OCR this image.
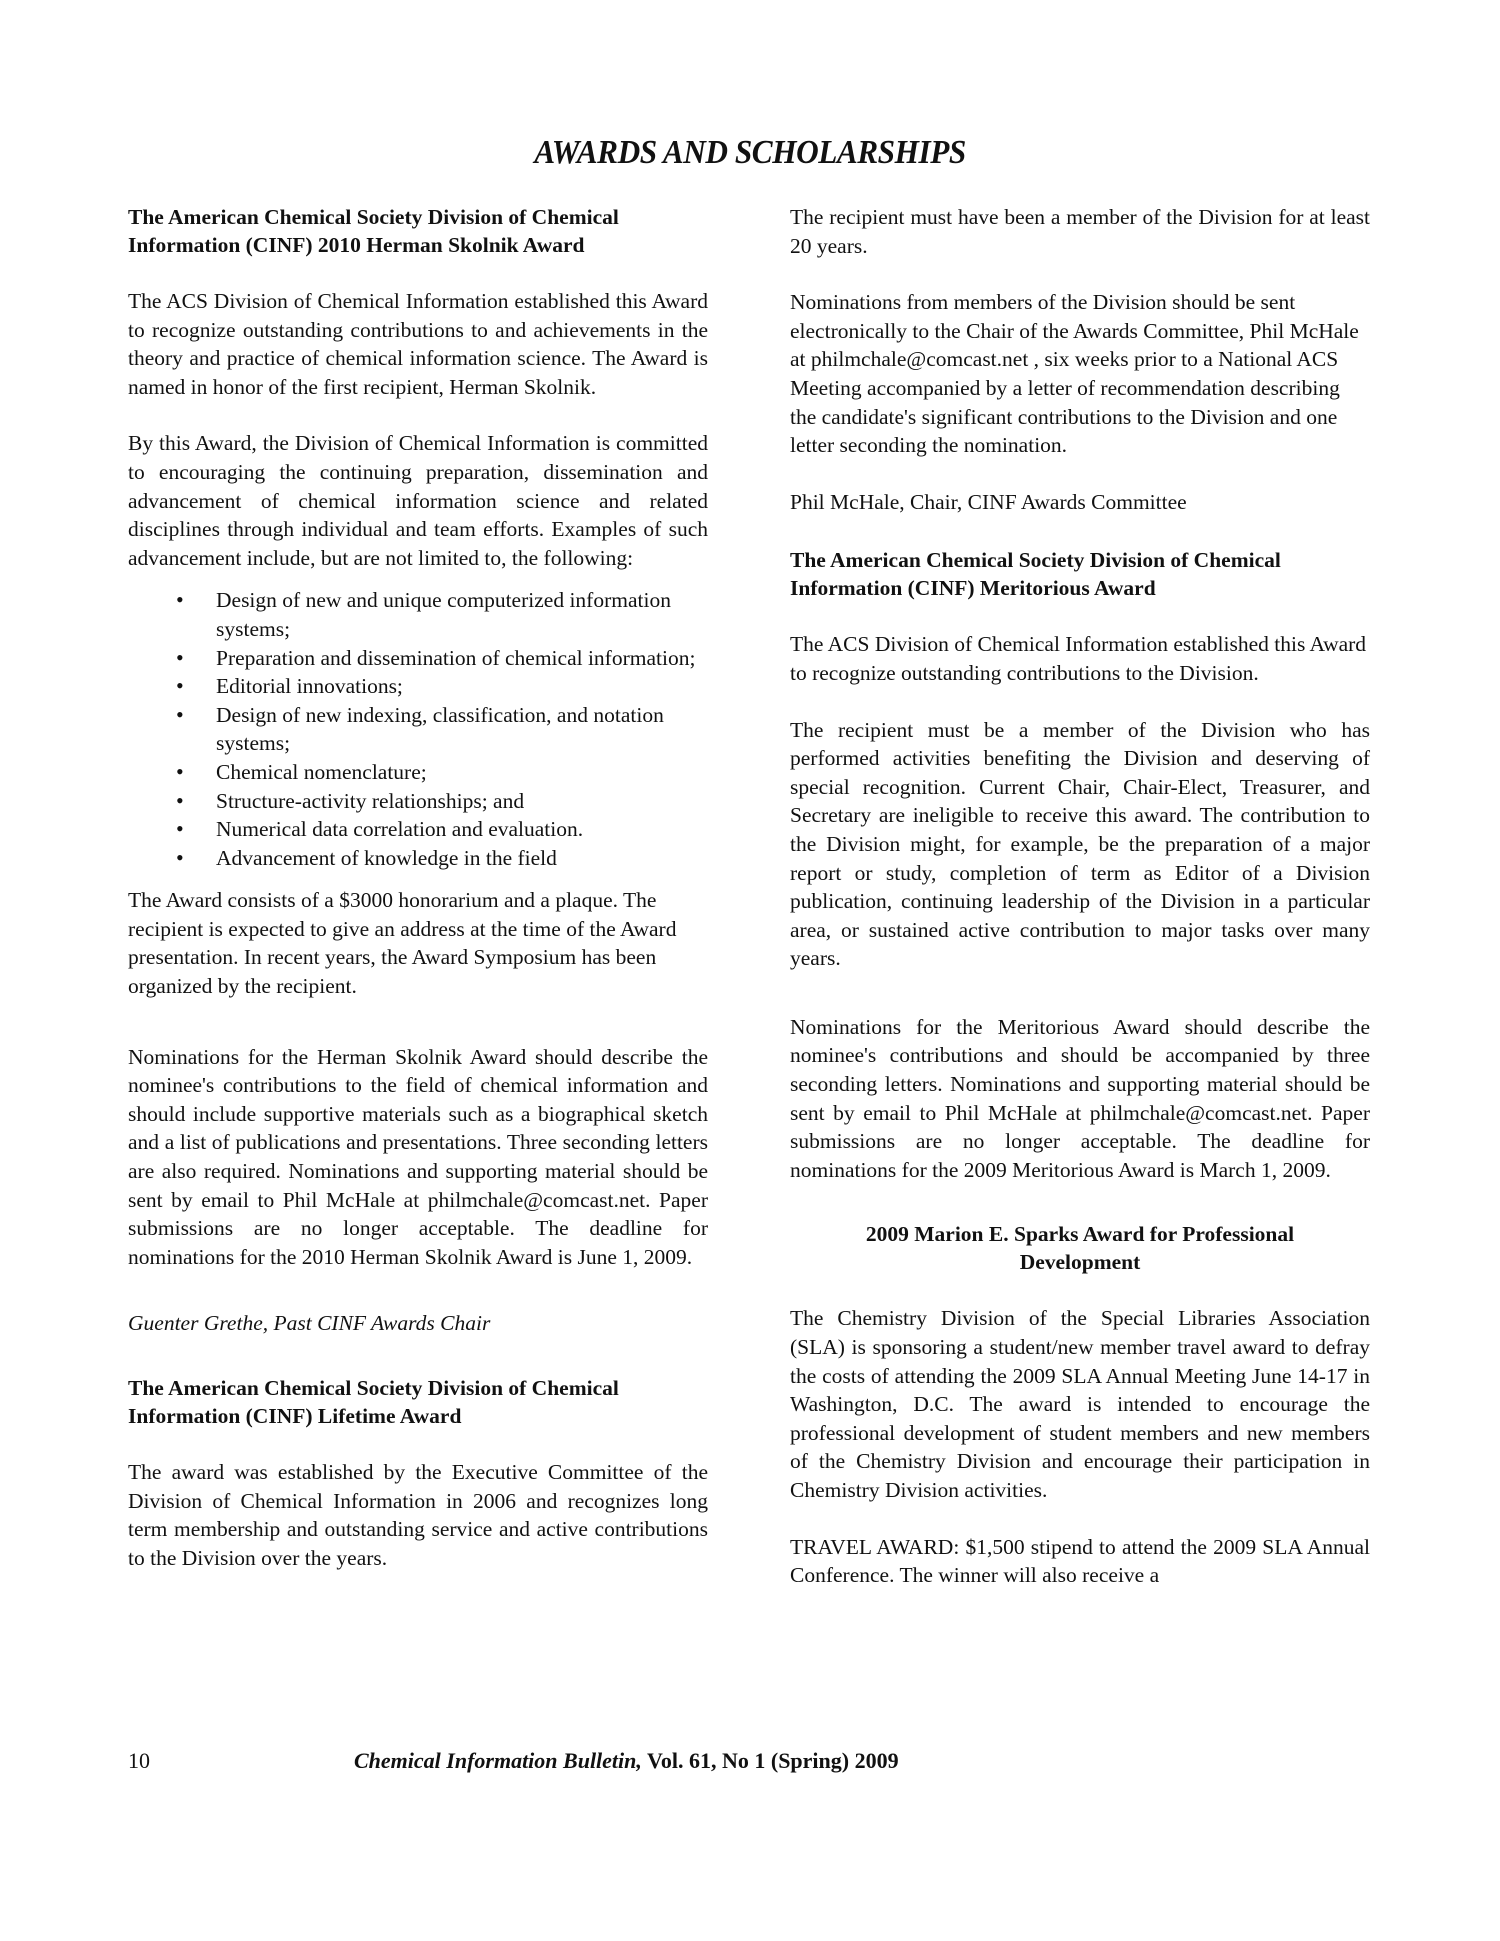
AWARDS AND SCHOLARSHIPS
The American Chemical Society Division of Chemical Information (CINF) 2010 Herman Skolnik Award

The ACS Division of Chemical Information established this Award to recognize outstanding contributions to and achievements in the theory and practice of chemical information science. The Award is named in honor of the first recipient, Herman Skolnik.

By this Award, the Division of Chemical Information is committed to encouraging the continuing preparation, dissemination and advancement of chemical information science and related disciplines through individual and team efforts. Examples of such advancement include, but are not limited to, the following:

• Design of new and unique computerized information systems;
• Preparation and dissemination of chemical information;
• Editorial innovations;
• Design of new indexing, classification, and notation systems;
• Chemical nomenclature;
• Structure-activity relationships; and
• Numerical data correlation and evaluation.
• Advancement of knowledge in the field

The Award consists of a $3000 honorarium and a plaque. The recipient is expected to give an address at the time of the Award presentation. In recent years, the Award Symposium has been organized by the recipient.

Nominations for the Herman Skolnik Award should describe the nominee's contributions to the field of chemical information and should include supportive materials such as a biographical sketch and a list of publications and presentations. Three seconding letters are also required. Nominations and supporting material should be sent by email to Phil McHale at philmchale@comcast.net. Paper submissions are no longer acceptable. The deadline for nominations for the 2010 Herman Skolnik Award is June 1, 2009.

Guenter Grethe, Past CINF Awards Chair

The American Chemical Society Division of Chemical Information (CINF) Lifetime Award

The award was established by the Executive Committee of the Division of Chemical Information in 2006 and recognizes long term membership and outstanding service and active contributions to the Division over the years.

The recipient must have been a member of the Division for at least 20 years.

Nominations from members of the Division should be sent electronically to the Chair of the Awards Committee, Phil McHale at philmchale@comcast.net , six weeks prior to a National ACS Meeting accompanied by a letter of recommendation describing the candidate's significant contributions to the Division and one letter seconding the nomination.

Phil McHale, Chair, CINF Awards Committee

The American Chemical Society Division of Chemical Information (CINF) Meritorious Award

The ACS Division of Chemical Information established this Award to recognize outstanding contributions to the Division.

The recipient must be a member of the Division who has performed activities benefiting the Division and deserving of special recognition. Current Chair, Chair-Elect, Treasurer, and Secretary are ineligible to receive this award. The contribution to the Division might, for example, be the preparation of a major report or study, completion of term as Editor of a Division publication, continuing leadership of the Division in a particular area, or sustained active contribution to major tasks over many years.

Nominations for the Meritorious Award should describe the nominee's contributions and should be accompanied by three seconding letters. Nominations and supporting material should be sent by email to Phil McHale at philmchale@comcast.net. Paper submissions are no longer acceptable. The deadline for nominations for the 2009 Meritorious Award is March 1, 2009.

2009 Marion E. Sparks Award for Professional Development

The Chemistry Division of the Special Libraries Association (SLA) is sponsoring a student/new member travel award to defray the costs of attending the 2009 SLA Annual Meeting June 14-17 in Washington, D.C. The award is intended to encourage the professional development of student members and new members of the Chemistry Division and encourage their participation in Chemistry Division activities.

TRAVEL AWARD: $1,500 stipend to attend the 2009 SLA Annual Conference. The winner will also receive a

10	Chemical Information Bulletin, Vol. 61, No 1 (Spring) 2009
